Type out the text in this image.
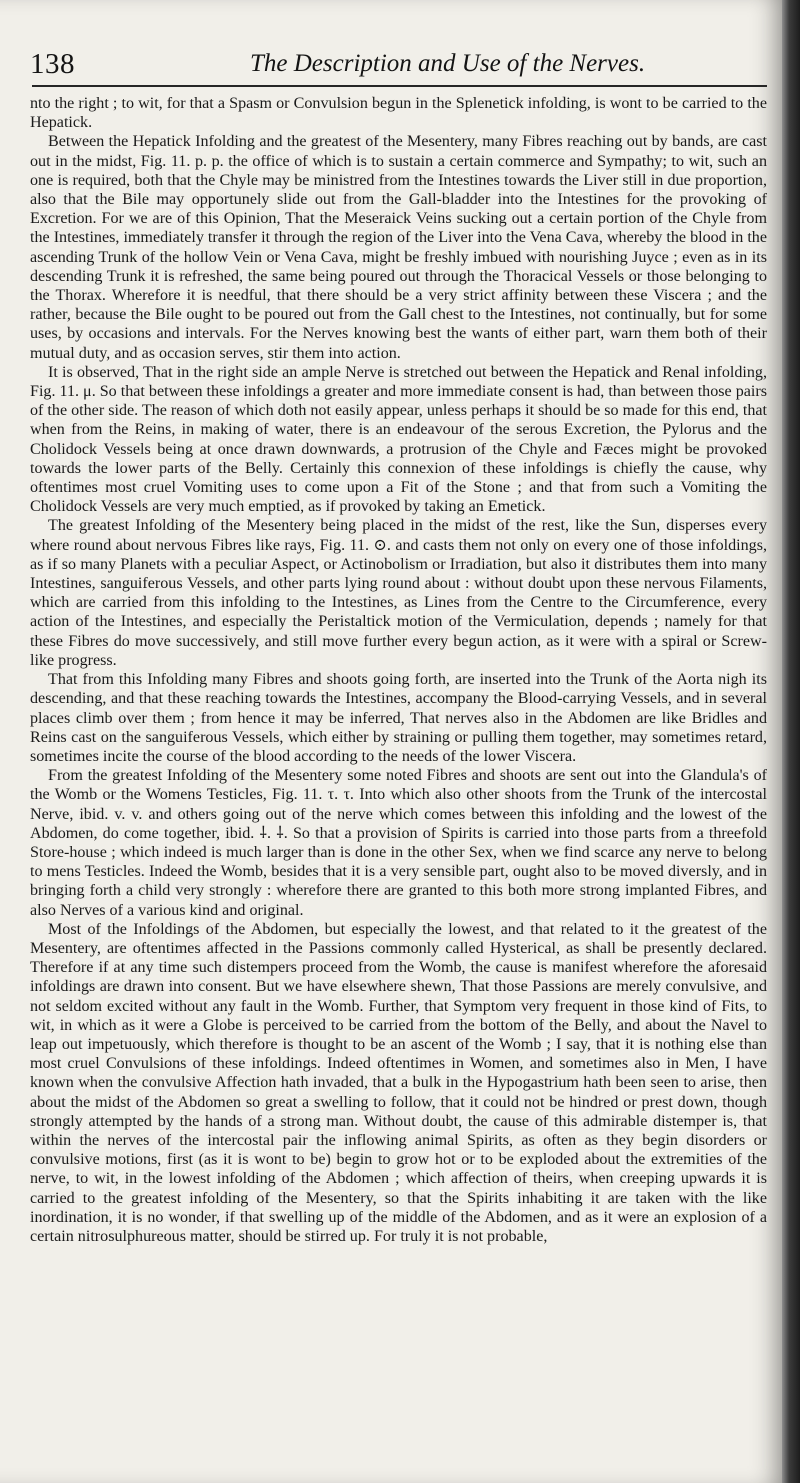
138	The Description and Use of the Nerves.

nto the right ; to wit, for that a Spasm or Convulsion begun in the Splenetick infolding, is wont to be carried to the Hepatick.

Between the Hepatick Infolding and the greatest of the Mesentery, many Fibres reaching out by bands, are cast out in the midst, Fig. 11. p. p. the office of which is to sustain a certain commerce and Sympathy; to wit, such an one is required, both that the Chyle may be ministred from the Intestines towards the Liver still in due proportion, also that the Bile may opportunely slide out from the Gall-bladder into the Intestines for the provoking of Excretion. For we are of this Opinion, That the Meseraick Veins sucking out a certain portion of the Chyle from the Intestines, immediately transfer it through the region of the Liver into the Vena Cava, whereby the blood in the ascending Trunk of the hollow Vein or Vena Cava, might be freshly imbued with nourishing Juyce ; even as in its descending Trunk it is refreshed, the same being poured out through the Thoracical Vessels or those belonging to the Thorax. Wherefore it is needful, that there should be a very strict affinity between these Viscera ; and the rather, because the Bile ought to be poured out from the Gall chest to the Intestines, not continually, but for some uses, by occasions and intervals. For the Nerves knowing best the wants of either part, warn them both of their mutual duty, and as occasion serves, stir them into action.

It is observed, That in the right side an ample Nerve is stretched out between the Hepatick and Renal infolding, Fig. 11. μ. So that between these infoldings a greater and more immediate consent is had, than between those pairs of the other side. The reason of which doth not easily appear, unless perhaps it should be so made for this end, that when from the Reins, in making of water, there is an endeavour of the serous Excretion, the Pylorus and the Cholidock Vessels being at once drawn downwards, a protrusion of the Chyle and Fæces might be provoked towards the lower parts of the Belly. Certainly this connexion of these infoldings is chiefly the cause, why oftentimes most cruel Vomiting uses to come upon a Fit of the Stone ; and that from such a Vomiting the Cholidock Vessels are very much emptied, as if provoked by taking an Emetick.

The greatest Infolding of the Mesentery being placed in the midst of the rest, like the Sun, disperses every where round about nervous Fibres like rays, Fig. 11. ⊙. and casts them not only on every one of those infoldings, as if so many Planets with a peculiar Aspect, or Actinobolism or Irradiation, but also it distributes them into many Intestines, sanguiferous Vessels, and other parts lying round about : without doubt upon these nervous Filaments, which are carried from this infolding to the Intestines, as Lines from the Centre to the Circumference, every action of the Intestines, and especially the Peristaltick motion of the Vermiculation, depends ; namely for that these Fibres do move successively, and still move further every begun action, as it were with a spiral or Screw-like progress.

That from this Infolding many Fibres and shoots going forth, are inserted into the Trunk of the Aorta nigh its descending, and that these reaching towards the Intestines, accompany the Blood-carrying Vessels, and in several places climb over them ; from hence it may be inferred, That nerves also in the Abdomen are like Bridles and Reins cast on the sanguiferous Vessels, which either by straining or pulling them together, may sometimes retard, sometimes incite the course of the blood according to the needs of the lower Viscera.

From the greatest Infolding of the Mesentery some noted Fibres and shoots are sent out into the Glandula's of the Womb or the Womens Testicles, Fig. 11. τ. τ. Into which also other shoots from the Trunk of the intercostal Nerve, ibid. v. v. and others going out of the nerve which comes between this infolding and the lowest of the Abdomen, do come together, ibid. ⸸. ⸸. So that a provision of Spirits is carried into those parts from a threefold Store-house ; which indeed is much larger than is done in the other Sex, when we find scarce any nerve to belong to mens Testicles. Indeed the Womb, besides that it is a very sensible part, ought also to be moved diversly, and in bringing forth a child very strongly : wherefore there are granted to this both more strong implanted Fibres, and also Nerves of a various kind and original.

Most of the Infoldings of the Abdomen, but especially the lowest, and that related to it the greatest of the Mesentery, are oftentimes affected in the Passions commonly called Hysterical, as shall be presently declared. Therefore if at any time such distempers proceed from the Womb, the cause is manifest wherefore the aforesaid infoldings are drawn into consent. But we have elsewhere shewn, That those Passions are merely convulsive, and not seldom excited without any fault in the Womb. Further, that Symptom very frequent in those kind of Fits, to wit, in which as it were a Globe is perceived to be carried from the bottom of the Belly, and about the Navel to leap out impetuously, which therefore is thought to be an ascent of the Womb ; I say, that it is nothing else than most cruel Convulsions of these infoldings. Indeed oftentimes in Women, and sometimes also in Men, I have known when the convulsive Affection hath invaded, that a bulk in the Hypogastrium hath been seen to arise, then about the midst of the Abdomen so great a swelling to follow, that it could not be hindred or prest down, though strongly attempted by the hands of a strong man. Without doubt, the cause of this admirable distemper is, that within the nerves of the intercostal pair the inflowing animal Spirits, as often as they begin disorders or convulsive motions, first (as it is wont to be) begin to grow hot or to be exploded about the extremities of the nerve, to wit, in the lowest infolding of the Abdomen ; which affection of theirs, when creeping upwards it is carried to the greatest infolding of the Mesentery, so that the Spirits inhabiting it are taken with the like inordination, it is no wonder, if that swelling up of the middle of the Abdomen, and as it were an explosion of a certain nitrosulphureous matter, should be stirred up. For truly it is not probable,
